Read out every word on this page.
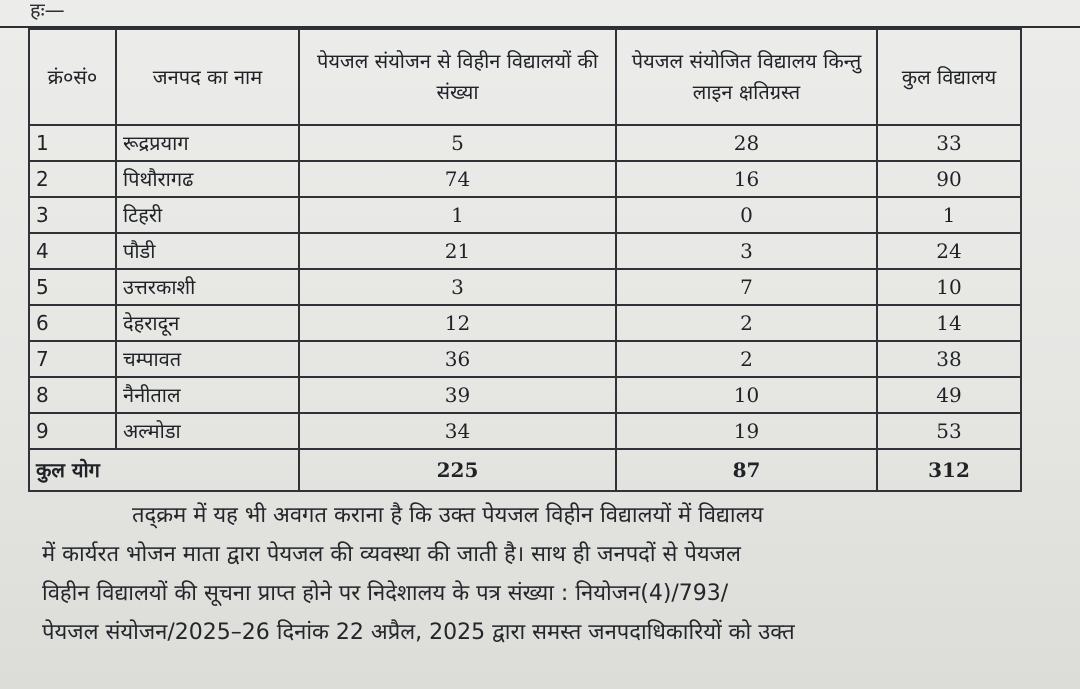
हः—
क्रं०सं०	जनपद का नाम	पेयजल संयोजन से विहीन विद्यालयों की संख्या	पेयजल संयोजित विद्यालय किन्तु लाइन क्षतिग्रस्त	कुल विद्यालय
1	रूद्रप्रयाग	5	28	33
2	पिथौरागढ	74	16	90
3	टिहरी	1	0	1
4	पौडी	21	3	24
5	उत्तरकाशी	3	7	10
6	देहरादून	12	2	14
7	चम्पावत	36	2	38
8	नैनीताल	39	10	49
9	अल्मोडा	34	19	53
कुल योग		225	87	312
तद्क्रम में यह भी अवगत कराना है कि उक्त पेयजल विहीन विद्यालयों में विद्यालय
में कार्यरत भोजन माता द्वारा पेयजल की व्यवस्था की जाती है। साथ ही जनपदों से पेयजल
विहीन विद्यालयों की सूचना प्राप्त होने पर निदेशालय के पत्र संख्या : नियोजन(4)/793/
पेयजल संयोजन/2025–26 दिनांक 22 अप्रैल, 2025 द्वारा समस्त जनपदाधिकारियों को उक्त
